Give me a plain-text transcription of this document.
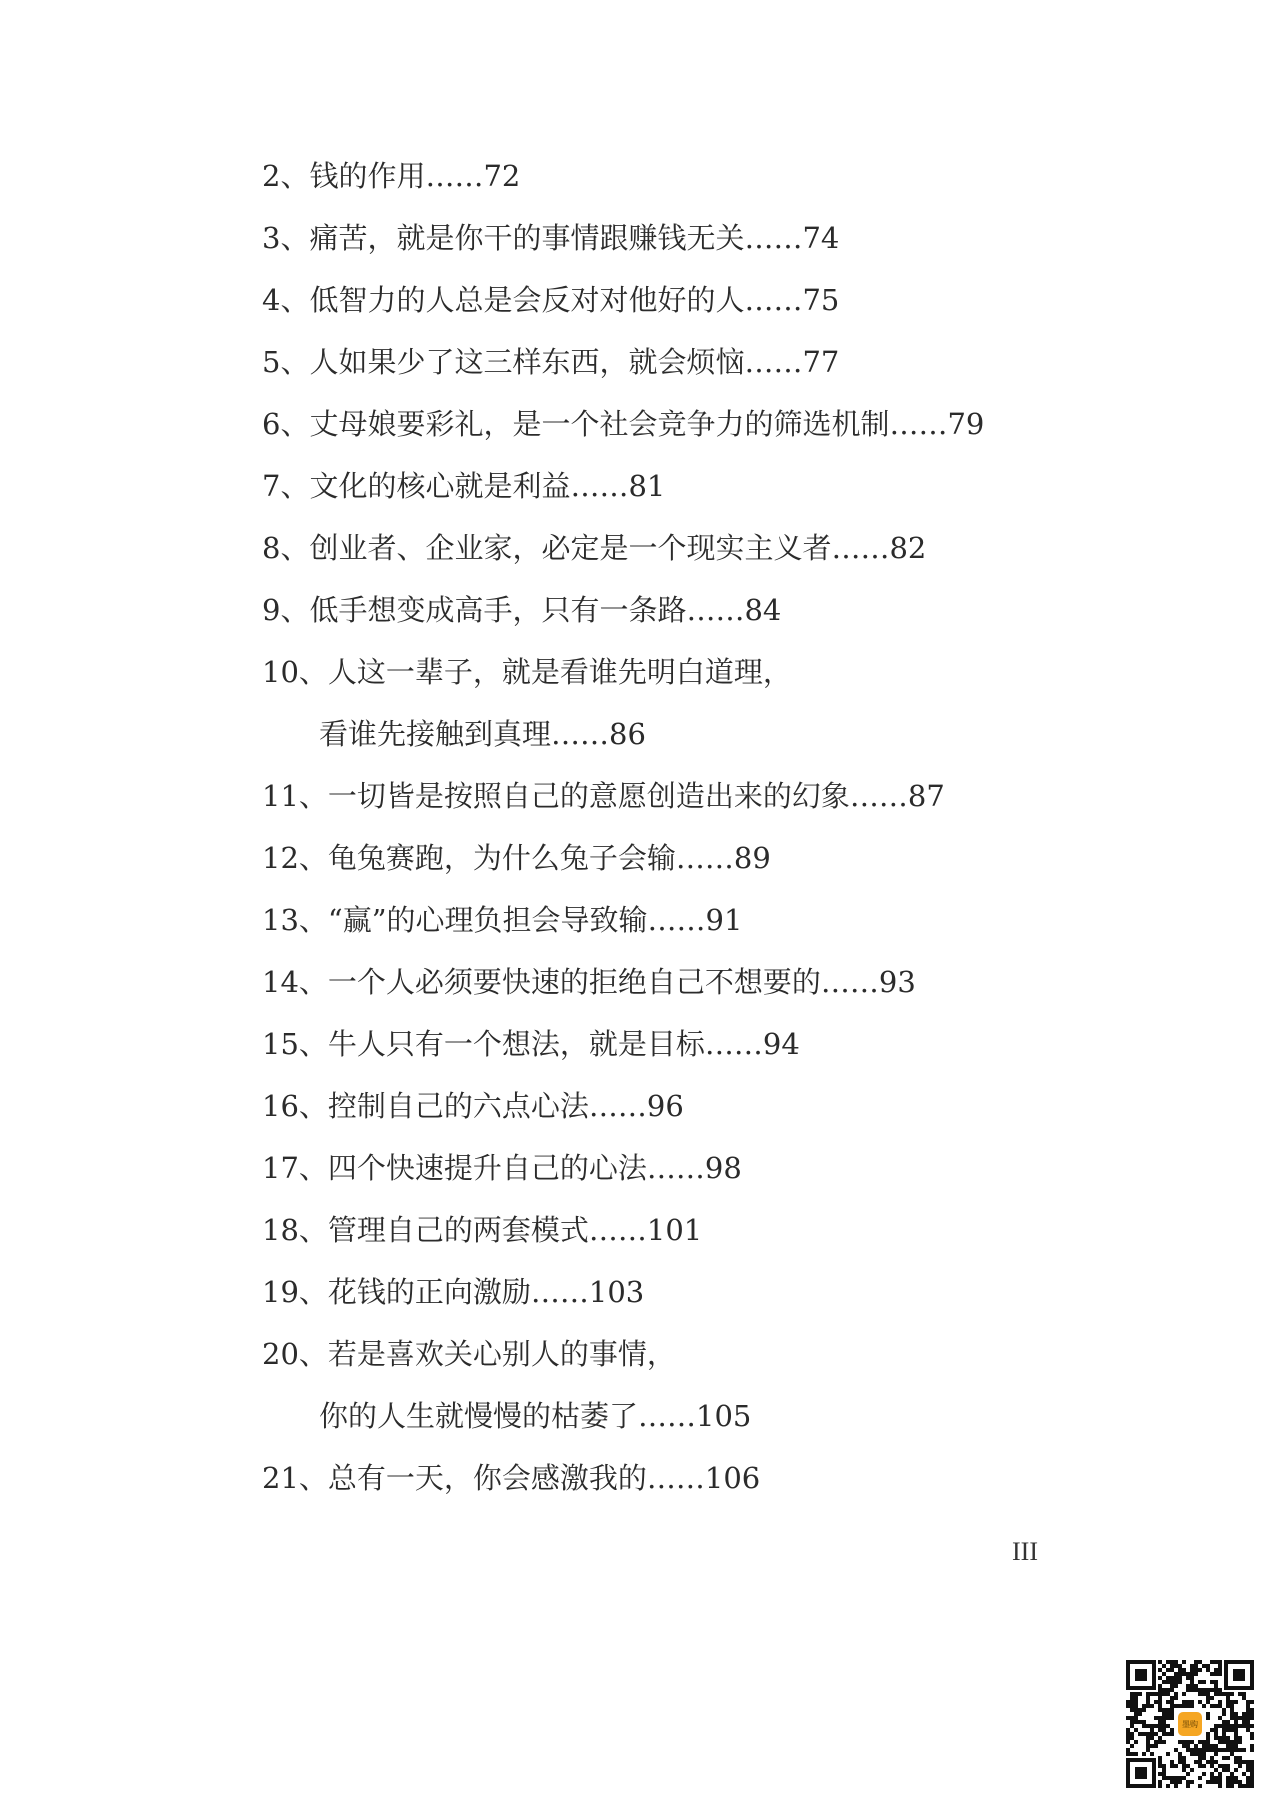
2、钱的作用……72
3、痛苦，就是你干的事情跟赚钱无关……74
4、低智力的人总是会反对对他好的人……75
5、人如果少了这三样东西，就会烦恼……77
6、丈母娘要彩礼，是一个社会竞争力的筛选机制……79
7、文化的核心就是利益……81
8、创业者、企业家，必定是一个现实主义者……82
9、低手想变成高手，只有一条路……84
10、人这一辈子，就是看谁先明白道理，
看谁先接触到真理……86
11、一切皆是按照自己的意愿创造出来的幻象……87
12、龟兔赛跑，为什么兔子会输……89
13、“赢”的心理负担会导致输……91
14、一个人必须要快速的拒绝自己不想要的……93
15、牛人只有一个想法，就是目标……94
16、控制自己的六点心法……96
17、四个快速提升自己的心法……98
18、管理自己的两套模式……101
19、花钱的正向激励……103
20、若是喜欢关心别人的事情，
你的人生就慢慢的枯萎了……105
21、总有一天，你会感激我的……106
III
墨购
